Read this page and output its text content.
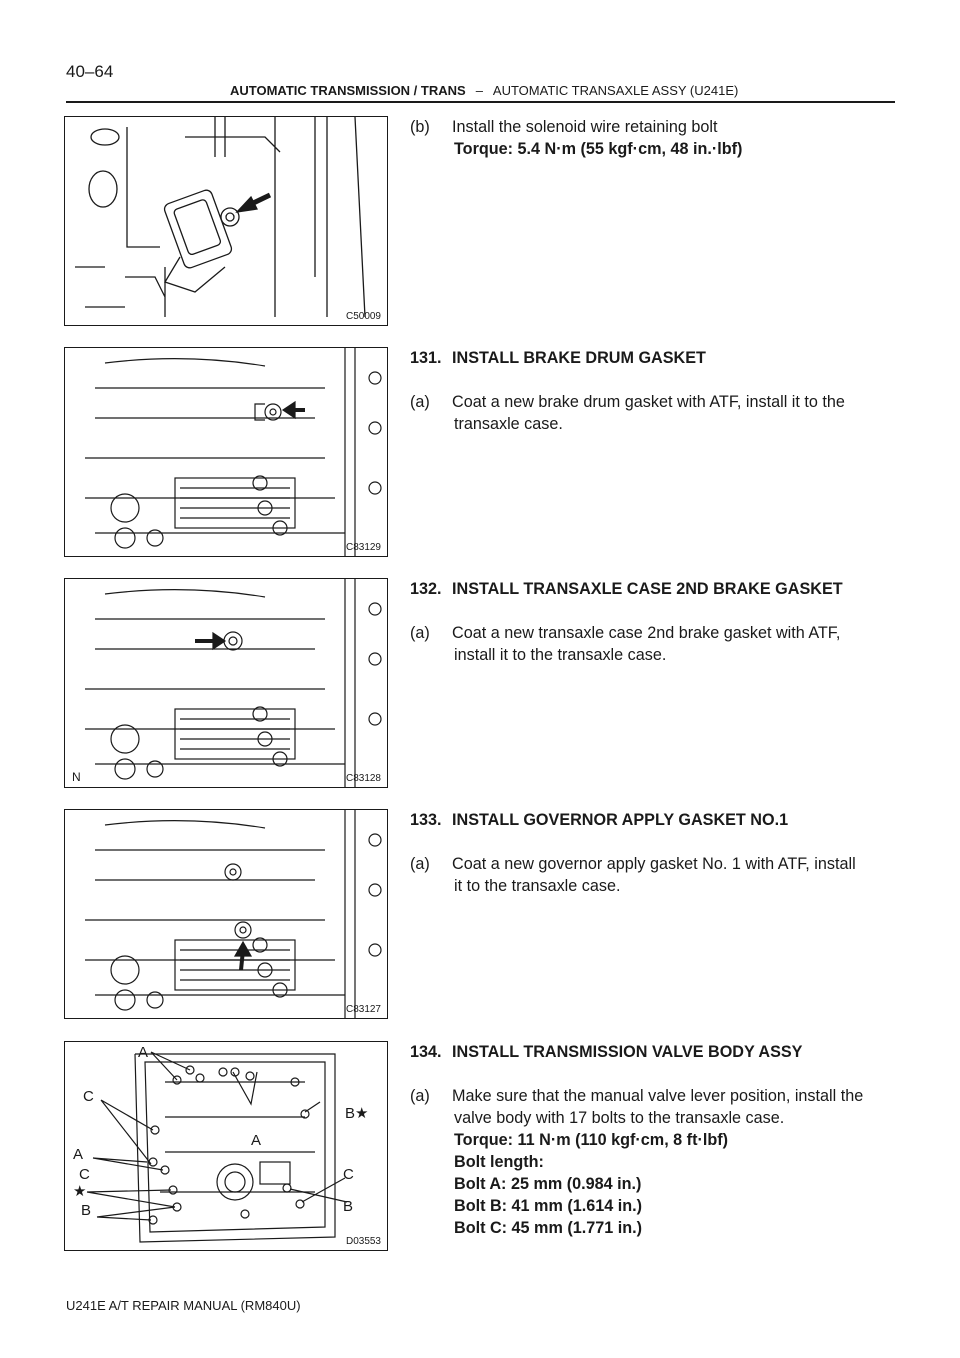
40–64
AUTOMATIC TRANSMISSION / TRANS – AUTOMATIC TRANSAXLE ASSY (U241E)
C50009
C83129
N	C83128
C83127
A
C
A
C
★
B
B★
A
C
B
D03553
(b) Install the solenoid wire retaining bolt
Torque: 5.4 N·m (55 kgf·cm, 48 in.·lbf)
131. INSTALL BRAKE DRUM GASKET
(a) Coat a new brake drum gasket with ATF, install it to the
transaxle case.
132. INSTALL TRANSAXLE CASE 2ND BRAKE GASKET
(a) Coat a new transaxle case 2nd brake gasket with ATF,
install it to the transaxle case.
133. INSTALL GOVERNOR APPLY GASKET NO.1
(a) Coat a new governor apply gasket No. 1 with ATF, install
it to the transaxle case.
134. INSTALL TRANSMISSION VALVE BODY ASSY
(a) Make sure that the manual valve lever position, install the
valve body with 17 bolts to the transaxle case.
Torque: 11 N·m (110 kgf·cm, 8 ft·lbf)
Bolt length:
Bolt A: 25 mm (0.984 in.)
Bolt B: 41 mm (1.614 in.)
Bolt C: 45 mm (1.771 in.)
U241E A/T REPAIR MANUAL (RM840U)
